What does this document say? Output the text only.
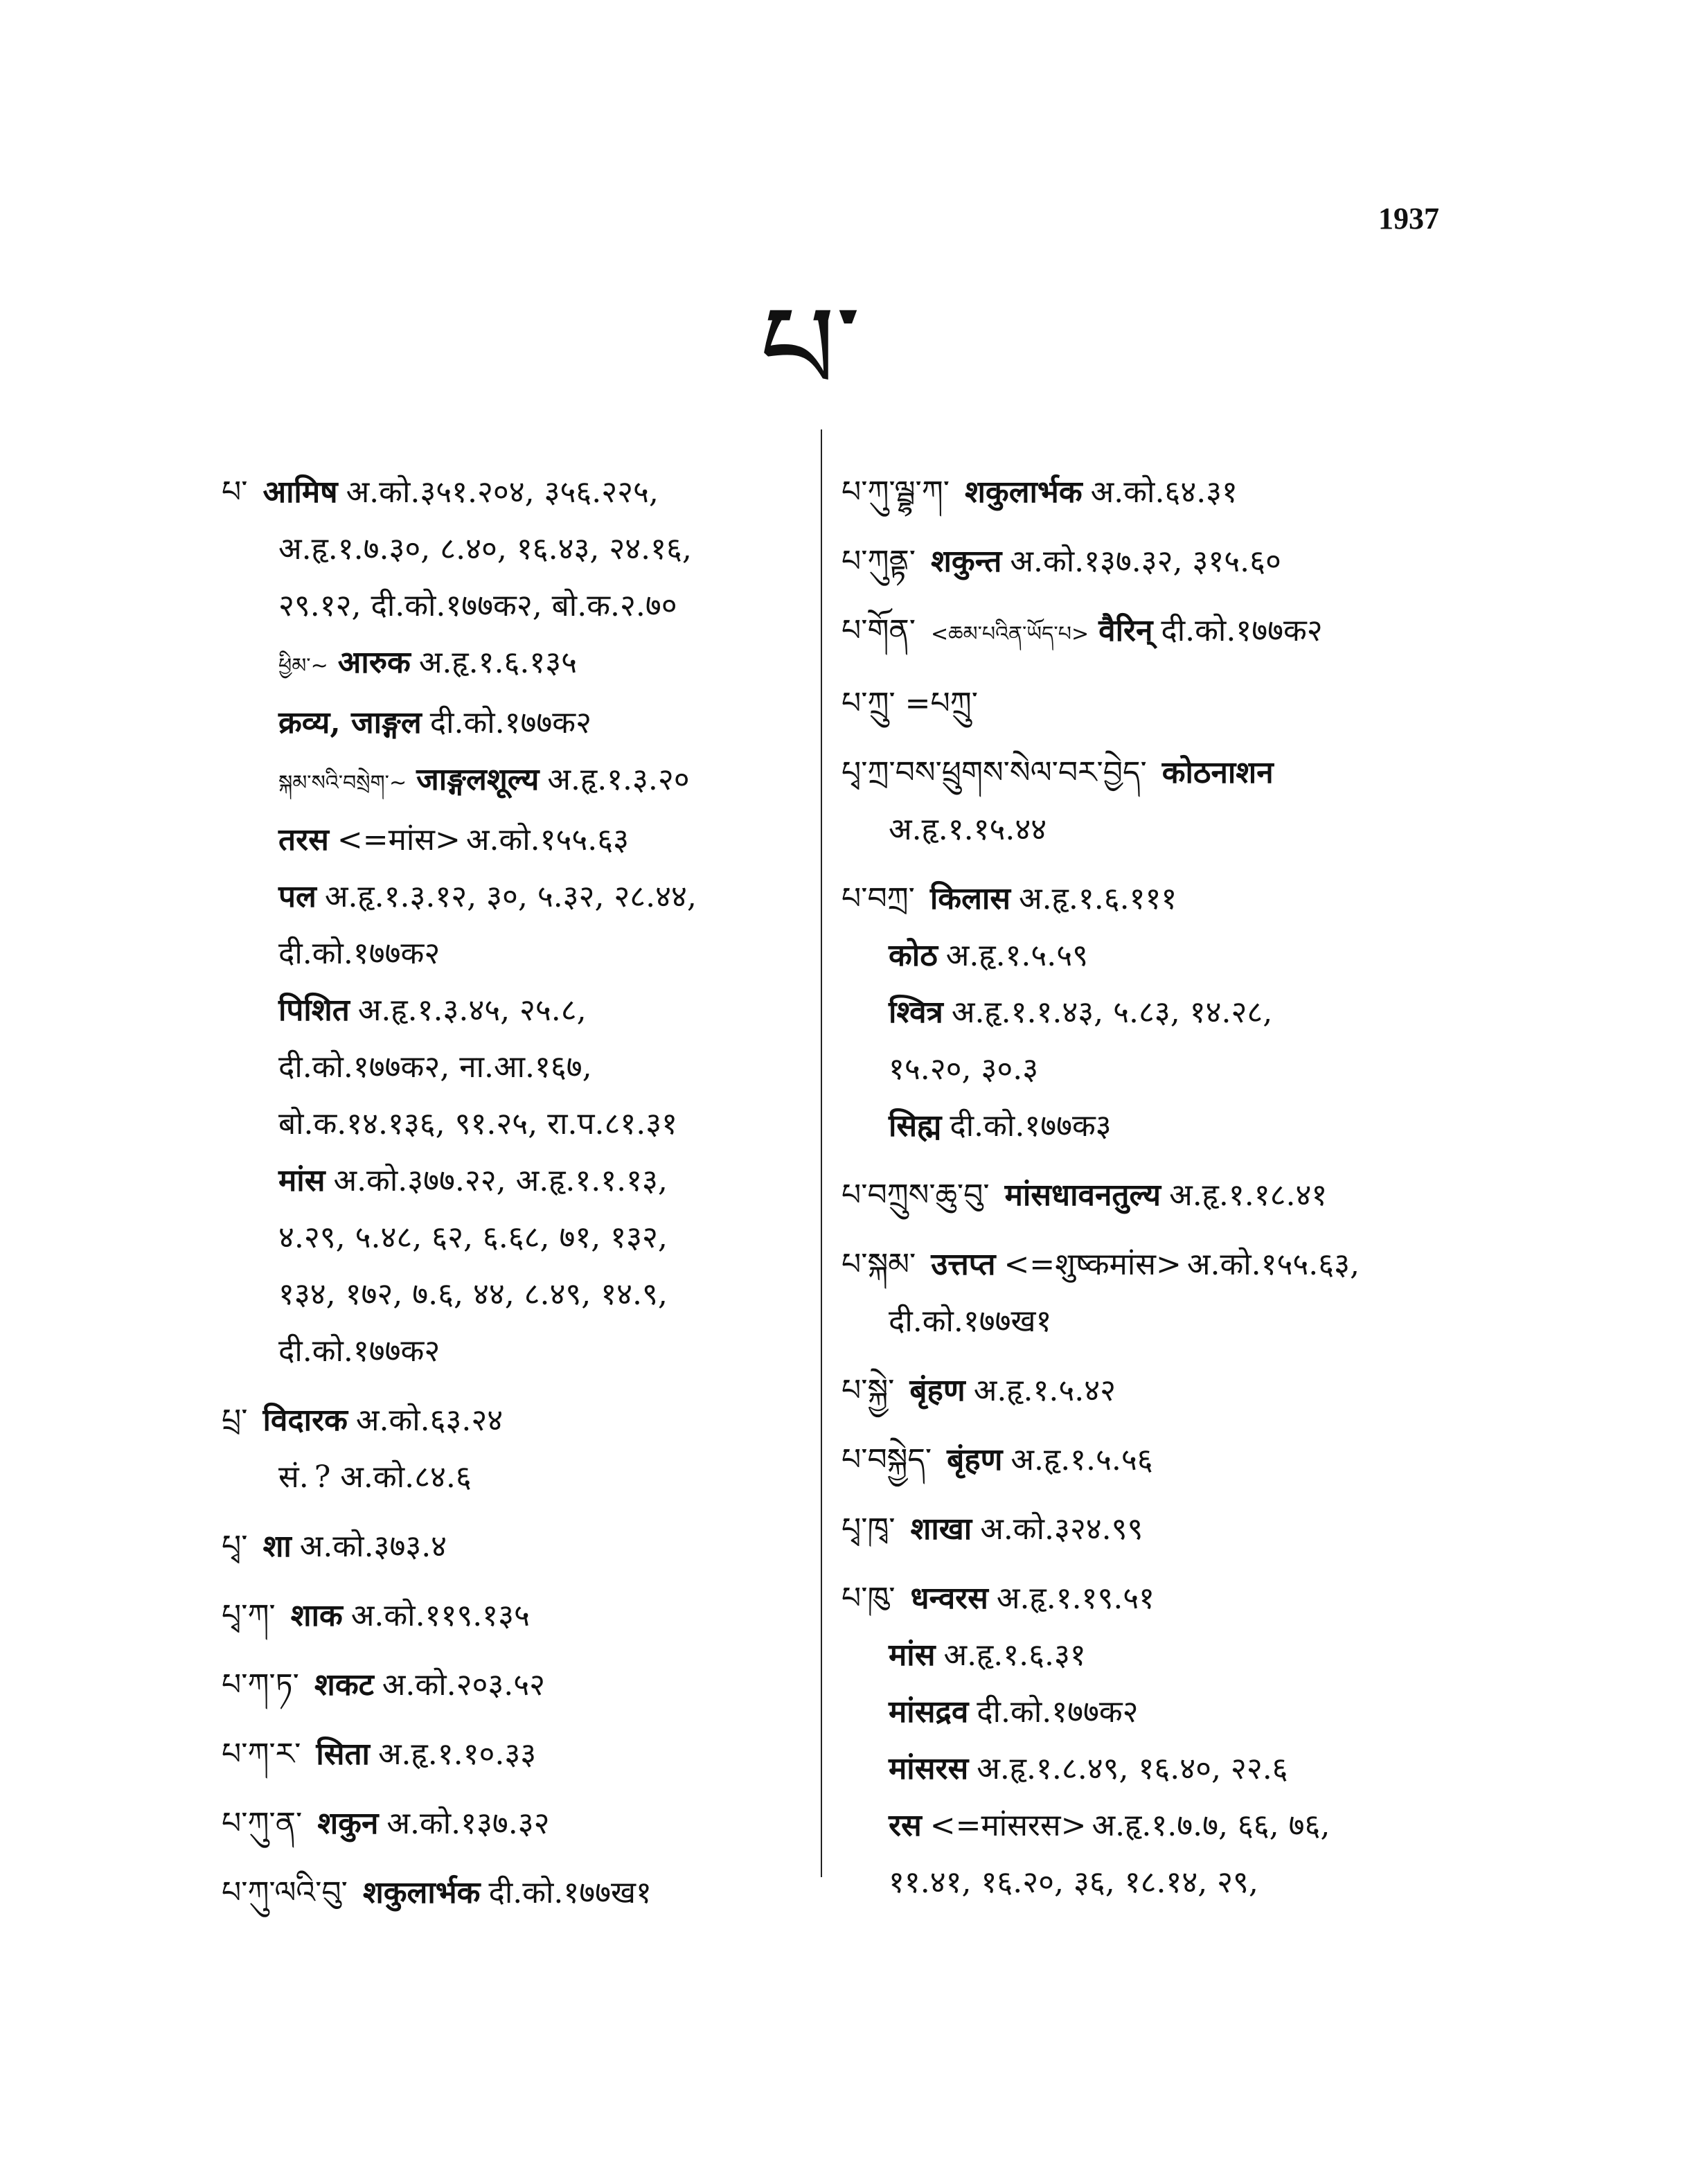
1937
པ་
པ་ आमिष अ.को.३५१.२०४, ३५६.२२५,
अ.हृ.१.७.३०, ८.४०, १६.४३, २४.१६,
२९.१२, दी.को.१७७क२, बो.क.२.७०
ཕྱིམ་~ आरुक अ.हृ.१.६.१३५
क्रव्य, जाङ्गल दी.को.१७७क२
སྐམ་སའི་བསྲེག་~ जाङ्गलशूल्य अ.हृ.१.३.२०
तरस <=मांस> अ.को.१५५.६३
पल अ.हृ.१.३.१२, ३०, ५.३२, २८.४४,
दी.को.१७७क२
पिशित अ.हृ.१.३.४५, २५.८,
दी.को.१७७क२, ना.आ.१६७,
बो.क.१४.१३६, ९१.२५, रा.प.८१.३१
मांस अ.को.३७७.२२, अ.हृ.१.१.१३,
४.२९, ५.४८, ६२, ६.६८, ७१, १३२,
१३४, १७२, ७.६, ४४, ८.४९, १४.९,
दी.को.१७७क२
པྲ་ विदारक अ.को.६३.२४
सं. ? अ.को.८४.६
པྭ་ शा अ.को.३७३.४
པྭ་ཀ་ शाक अ.को.११९.१३५
པ་ཀ་ཏ་ शकट अ.को.२०३.५२
པ་ཀ་ར་ सिता अ.हृ.१.१०.३३
པ་ཀུ་ན་ शकुन अ.को.१३७.३२
པ་ཀུ་ལའི་བུ་ शकुलार्भक दी.को.१७७ख१
པ་ཀུ་ལྦྷ་ཀ་ शकुलार्भक अ.को.६४.३१
པ་ཀུནྟ་ शकुन्त अ.को.१३७.३२, ३१५.६०
པ་གོན་ <ཆམ་པའིན་ཡོད་པ> वैरिन् दी.को.१७७क२
པ་ཀྲུ་ =པཀྲུ་
པྭ་ཀྲ་བས་ཕྲུགས་སེལ་བར་བྱེད་ कोठनाशन
अ.हृ.१.१५.४४
པ་བཀྲ་ किलास अ.हृ.१.६.१११
कोठ अ.हृ.१.५.५९
श्वित्र अ.हृ.१.१.४३, ५.८३, १४.२८,
१५.२०, ३०.३
सिह्म दी.को.१७७क३
པ་བཀྲུས་ཆུ་བུ་ मांसधावनतुल्य अ.हृ.१.१८.४१
པ་སྐམ་ उत्तप्त <=शुष्कमांस> अ.को.१५५.६३,
दी.को.१७७ख१
པ་སྐྱེ་ बृंहण अ.हृ.१.५.४२
པ་བསྐྱེད་ बृंहण अ.हृ.१.५.५६
པྭ་ཁྭ་ शाखा अ.को.३२४.९९
པ་ཁུ་ धन्वरस अ.हृ.१.१९.५१
मांस अ.हृ.१.६.३१
मांसद्रव दी.को.१७७क२
मांसरस अ.हृ.१.८.४९, १६.४०, २२.६
रस <=मांसरस> अ.हृ.१.७.७, ६६, ७६,
११.४१, १६.२०, ३६, १८.१४, २९,
